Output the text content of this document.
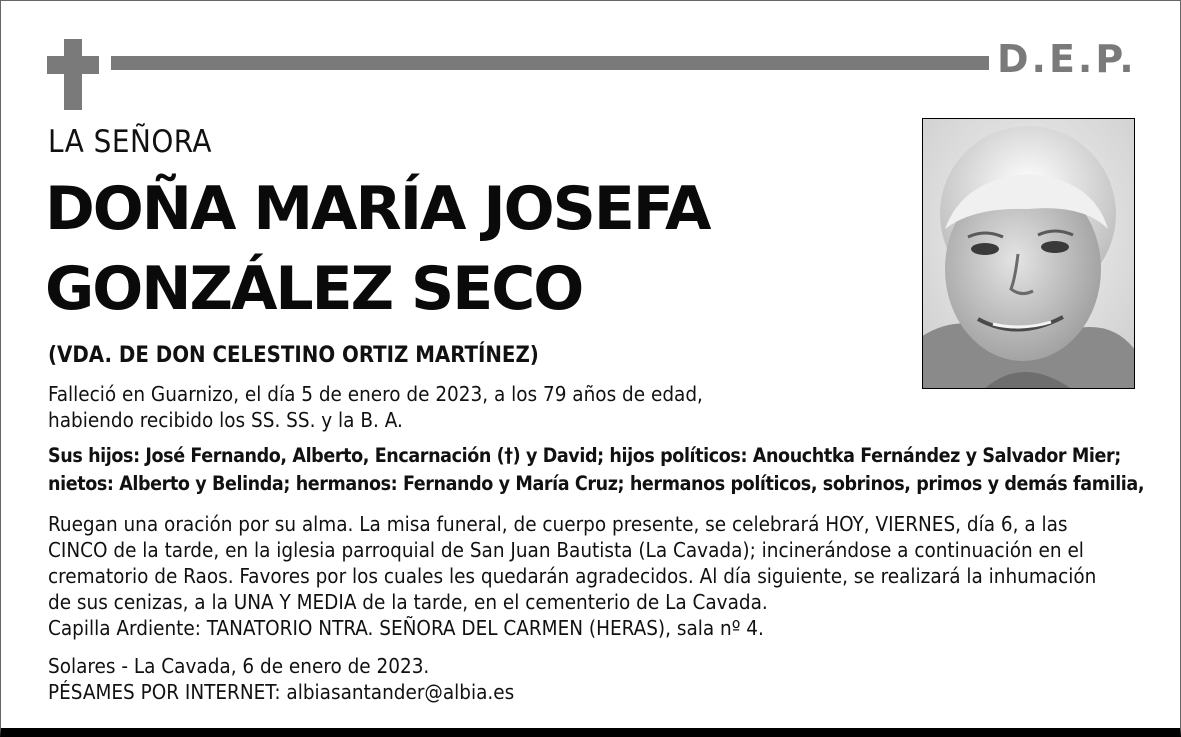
D.E.P.
LA SEÑORA
DOÑA MARÍA JOSEFA
GONZÁLEZ SECO
(VDA. DE DON CELESTINO ORTIZ MARTÍNEZ)
Falleció en Guarnizo, el día 5 de enero de 2023, a los 79 años de edad,
habiendo recibido los SS. SS. y la B. A.
Sus hijos: José Fernando, Alberto, Encarnación (†) y David; hijos políticos: Anouchtka Fernández y Salvador Mier;
nietos: Alberto y Belinda; hermanos: Fernando y María Cruz; hermanos políticos, sobrinos, primos y demás familia,
Ruegan una oración por su alma. La misa funeral, de cuerpo presente, se celebrará HOY, VIERNES, día 6, a las
CINCO de la tarde, en la iglesia parroquial de San Juan Bautista (La Cavada); incinerándose a continuación en el
crematorio de Raos. Favores por los cuales les quedarán agradecidos. Al día siguiente, se realizará la inhumación
de sus cenizas, a la UNA Y MEDIA de la tarde, en el cementerio de La Cavada.
Capilla Ardiente: TANATORIO NTRA. SEÑORA DEL CARMEN (HERAS), sala nº 4.
Solares - La Cavada, 6 de enero de 2023.
PÉSAMES POR INTERNET: albiasantander@albia.es
